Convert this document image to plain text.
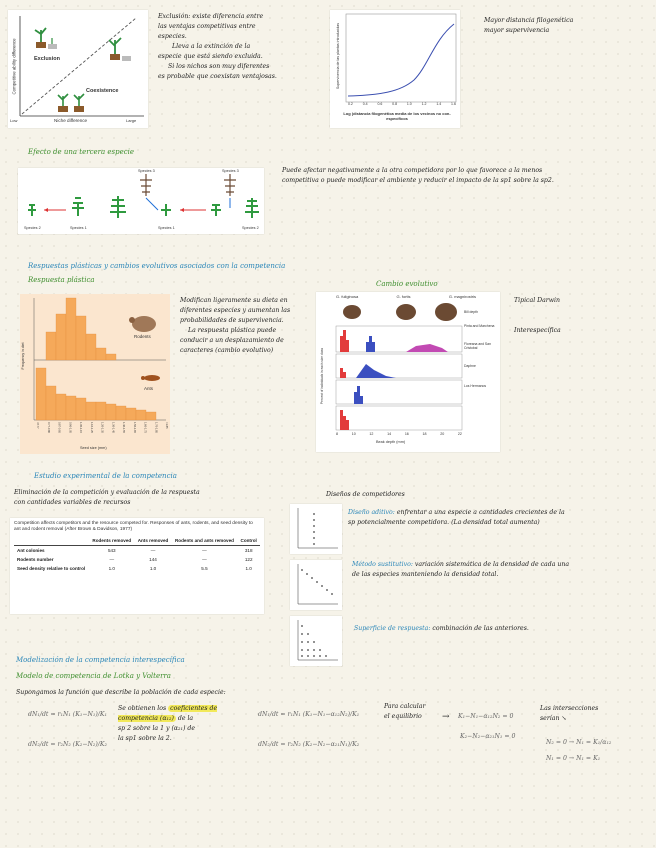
Exclusion
Coexistence
Niche difference
Low	Large
Competitive ability difference
Exclusión: existe diferencia entre
las ventajas competitivas entre
especies.
Lleva a la extinción de la
especie que está siendo excluida.
Si los nichos son muy diferentes
es probable que coexistan ventajosas.
0.2	0.4	0.6	0.8	1.0	1.2	1.4	1.6
Log (distancia filogenética media de los vecinos no con-específicos
Supervivencia de las plantas introducidas
Mayor distancia filogenética
mayor supervivencia
Efecto de una tercera especie
Species 2	Species 1
Species 3
Species 1
Species 3
Species 2
Puede afectar negativamente a la otra competidora por lo que favorece a la menos
competitiva o puede modificar el ambiente y reducir el impacto de la sp1 sobre la sp2.
Respuestas plásticas y cambios evolutivos asociados con la competencia
Respuesta plástica
Rodents
Ants
Frequency in diet
<0.77	0.77-0.86	0.87-0.95	0.96-1.05	1.06-1.15	1.16-1.25	1.26-1.35	1.36-1.45	1.46-1.55	1.56-1.65	1.66-1.75	1.76-1.85	>1.85
Seed size (mm)
Modifican ligeramente su dieta en
diferentes especies y aumentan las
probabilidades de supervivencia.
La respuesta plástica puede
conducir a un desplazamiento de
caracteres (cambio evolutivo)
Cambio evolutivo
G. fuliginosa	G. fortis	G. magnirostris
Bill depth
Pinta and Marchena
Floreana and San Cristobal
Daphne
Los Hermanos
8	10	12	14	16	18	20	22
Beak depth (mm)
Percent of individuals in each size class
Tipical Darwin
Interespecífica
Estudio experimental de la competencia
Eliminación de la competición y evaluación de la respuesta
con cantidades variables de recursos
Competition affects competitors and the resource competed for. Responses of ants, rodents, and seed density to ant and rodent removal (After Brown & Davidson, 1977)
	Rodents removed	Ants removed	Rodents and ants removed	Control
Ant colonies	543	—	—	318
Rodents number	—	144	—	122
Seed density relative to control	1.0	1.0	5.5	1.0
Diseños de competidores
Diseño aditivo: enfrentar a una especie a cantidades crecientes de la
sp potencialmente competidora. (La densidad total aumenta)
Método sustitutivo: variación sistemática de la densidad de cada una
de las especies manteniendo la densidad total.
Superficie de respuesta: combinación de las anteriores.
Modelización de la competencia interespecífica
Modelo de competencia de Lotka y Volterra
Supongamos la función que describe la población de cada especie:
dN₁/dt = r₁N₁ (K₁−N₁)/K₁
dN₂/dt = r₂N₂ (K₂−N₂)/K₂
Se obtienen los coeficientes de competencia (α₁₂) de la
sp 2 sobre la 1 y (α₂₁) de
la sp1 sobre la 2.
dN₁/dt = r₁N₁ (K₁−N₁−α₁₂N₂)/K₁
dN₂/dt = r₂N₂ (K₂−N₂−α₂₁N₁)/K₂
Para calcular
el equilibrio	→ K₁−N₁−α₁₂N₂ = 0
K₂−N₂−α₂₁N₁ = 0
Las intersecciones
serían ↘
N₂ = 0 → N₁ = K₁/α₁₂
N₁ = 0 → N₁ = K₁
